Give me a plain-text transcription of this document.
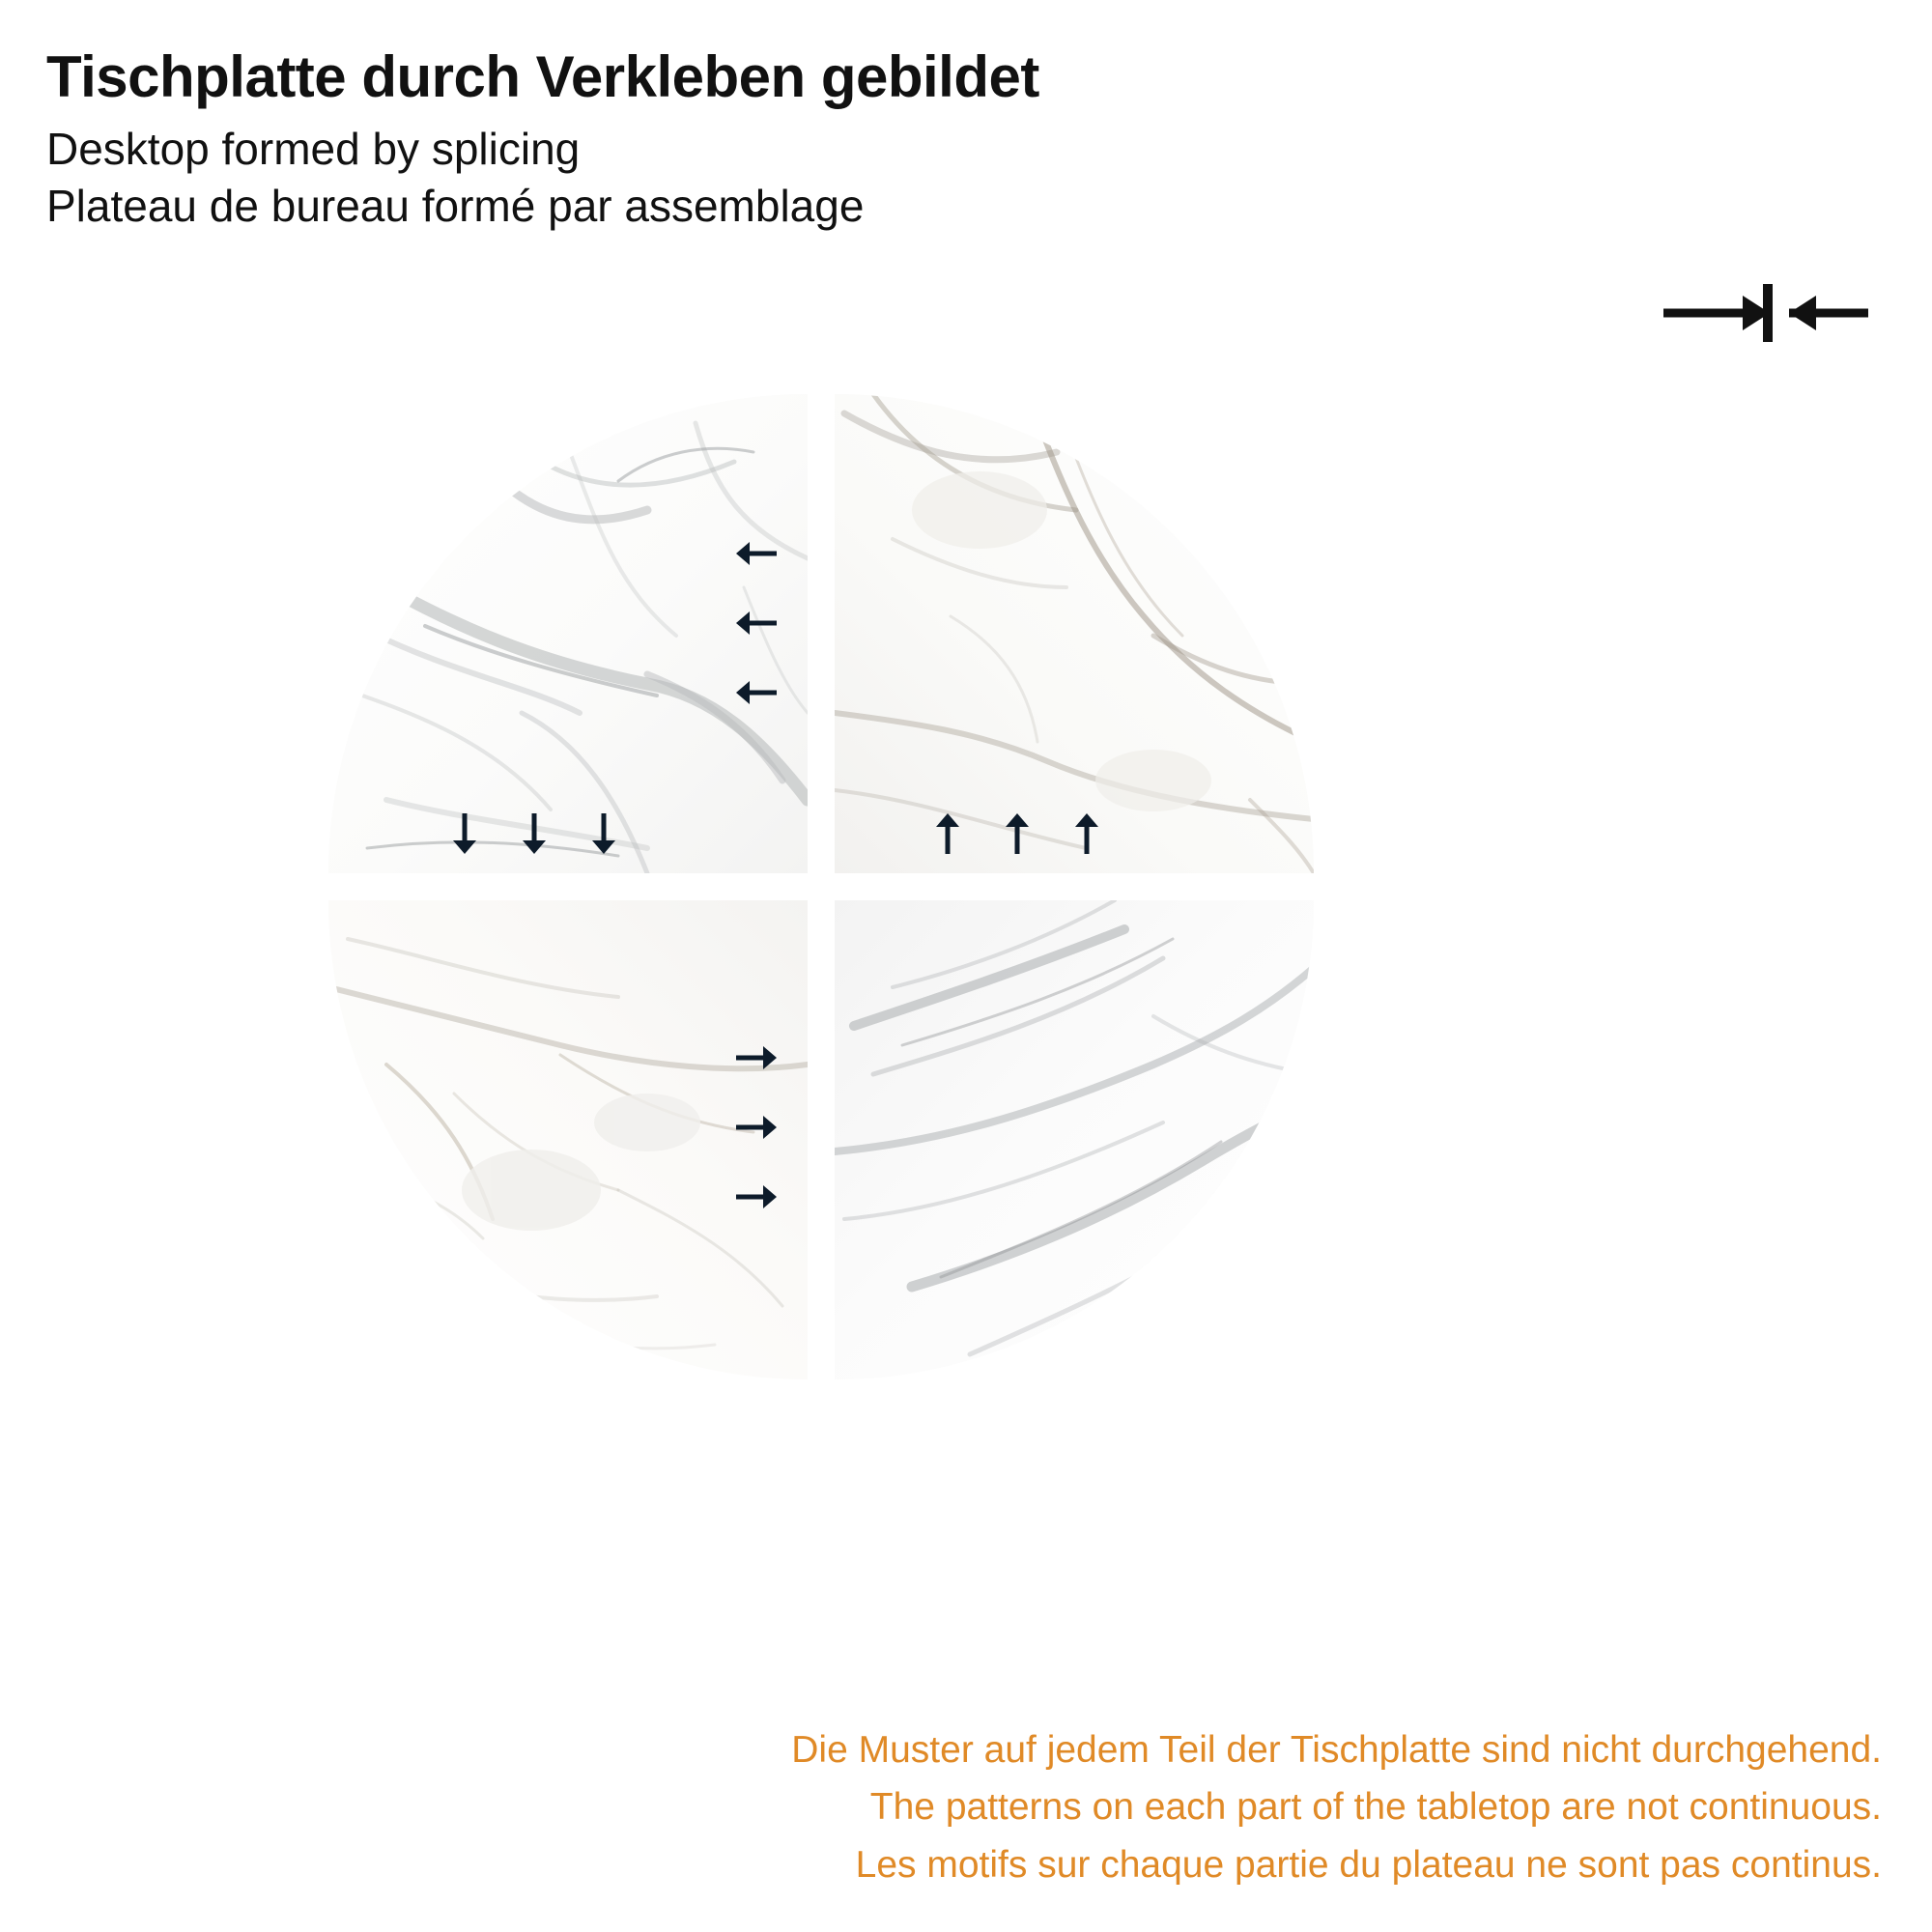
Tischplatte durch Verkleben gebildet

Desktop formed by splicing

Plateau de bureau formé par assemblage

Die Muster auf jedem Teil der Tischplatte sind nicht durchgehend.

The patterns on each part of the tabletop are not continuous.

Les motifs sur chaque partie du plateau ne sont pas continus.
